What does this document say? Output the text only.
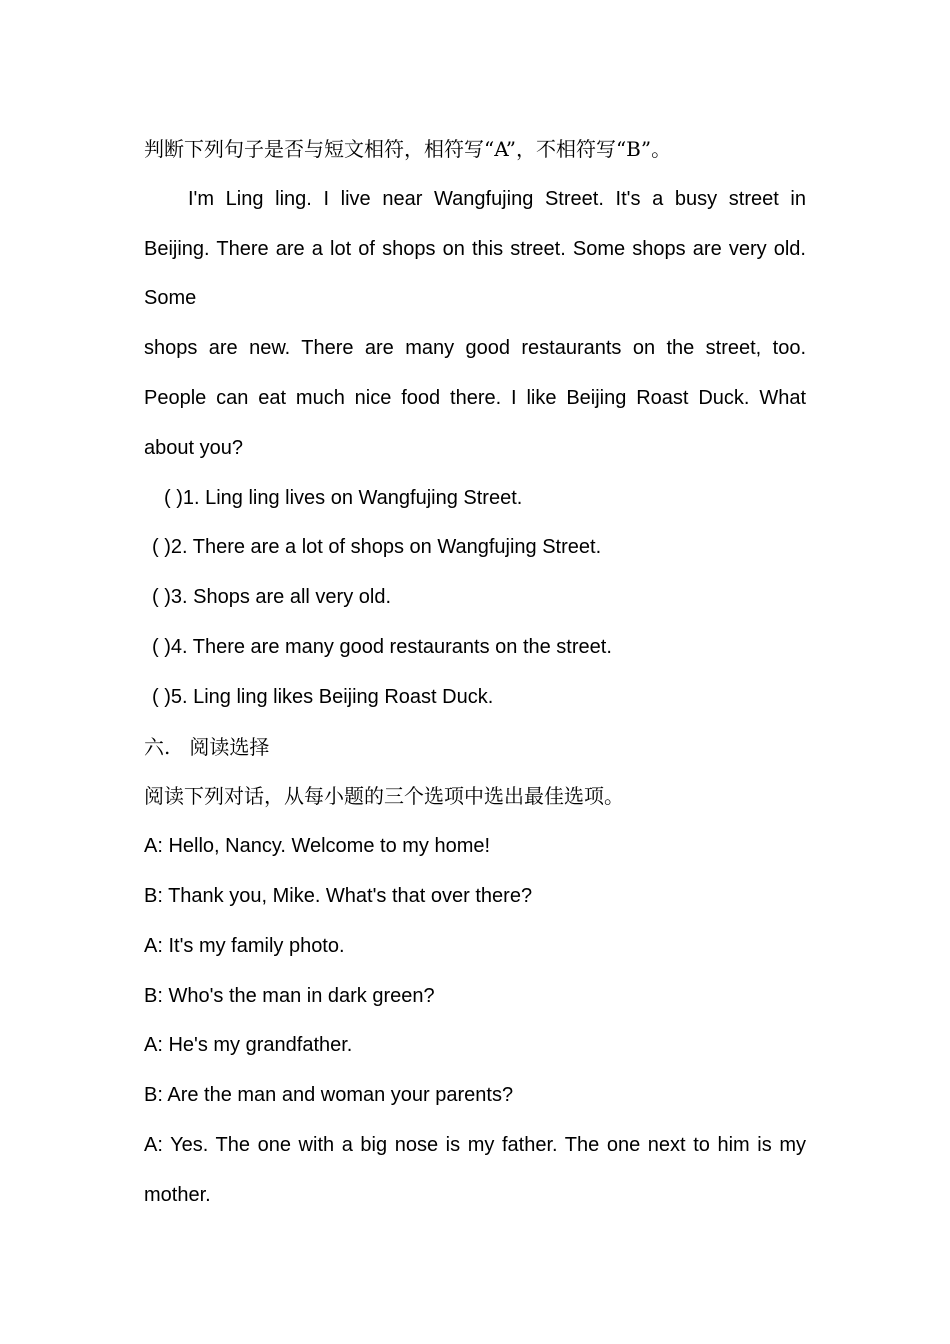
判断下列句子是否与短文相符，相符写“A”，不相符写“B”。
I'm Ling ling. I live near Wangfujing Street. It's a busy street in
Beijing. There are a lot of shops on this street. Some shops are very old.
Some
shops are new. There are many good restaurants on the street, too.
People can eat much nice food there. I like Beijing Roast Duck. What
about you?
( )1. Ling ling lives on Wangfujing Street.
( )2. There are a lot of shops on Wangfujing Street.
( )3. Shops are all very old.
( )4. There are many good restaurants on the street.
( )5. Ling ling likes Beijing Roast Duck.
六.   阅读选择
阅读下列对话，从每小题的三个选项中选出最佳选项。
A: Hello, Nancy. Welcome to my home!
B: Thank you, Mike. What's that over there?
A: It's my family photo.
B: Who's the man in dark green?
A: He's my grandfather.
B: Are the man and woman your parents?
A: Yes. The one with a big nose is my father. The one next to him is my
mother.
